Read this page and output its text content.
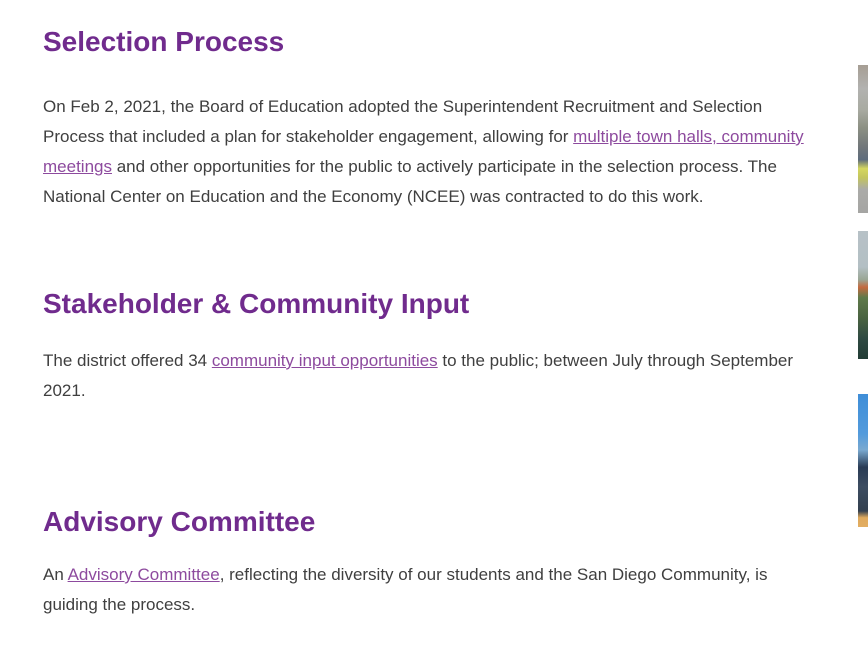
Selection Process

On Feb 2, 2021, the Board of Education adopted the Superintendent Recruitment and Selection Process that included a plan for stakeholder engagement, allowing for multiple town halls, community meetings and other opportunities for the public to actively participate in the selection process. The National Center on Education and the Economy (NCEE) was contracted to do this work.

Stakeholder & Community Input

The district offered 34 community input opportunities to the public; between July through September 2021.

Advisory Committee

An Advisory Committee, reflecting the diversity of our students and the San Diego Community, is guiding the process.
